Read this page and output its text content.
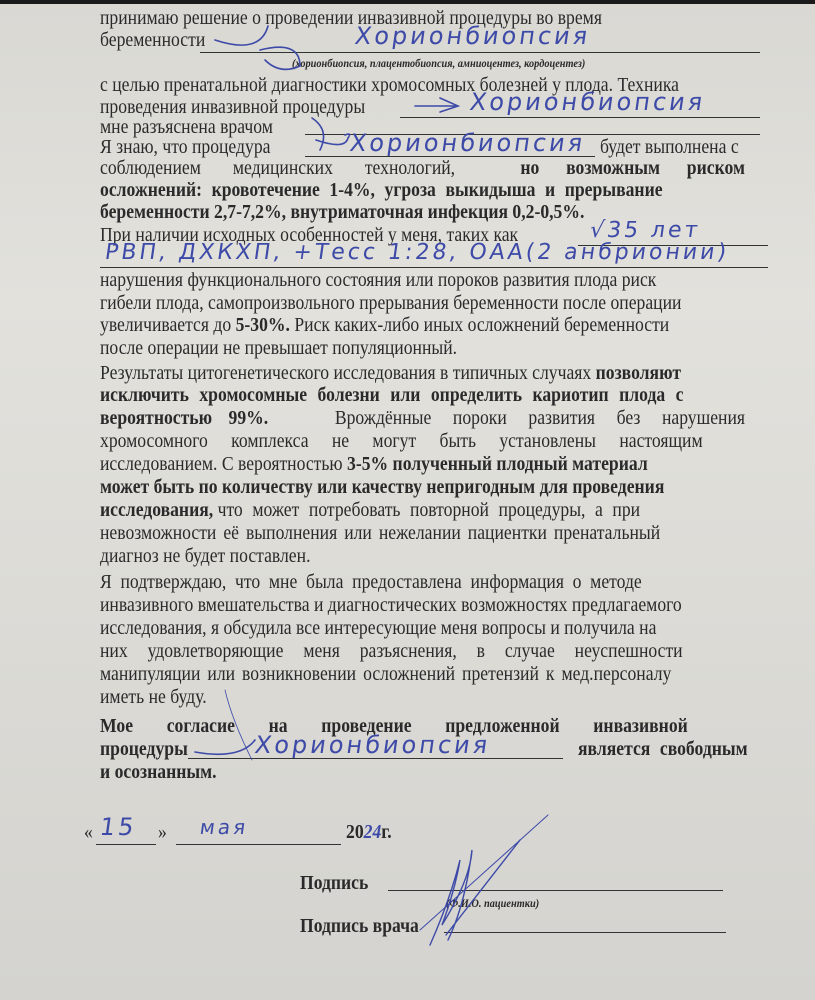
принимаю решение о проведении инвазивной процедуры во время
беременности	Хорионбиопсия
(хорионбиопсия, плацентобиопсия, амниоцентез, кордоцентез)
с целью пренатальной диагностики хромосомных болезней у плода. Техника
проведения инвазивной процедуры	Хорионбиопсия
мне разъяснена врачом
Я знаю, что процедура	Хорионбиопсия будет выполнена с
соблюдением медицинских технологий,	но возможным риском
осложнений: кровотечение 1-4%, угроза выкидыша и прерывание
беременности 2,7-7,2%, внутриматочная инфекция 0,2-0,5%.
При наличии исходных особенностей у меня, таких как	√35 лет
РВП, ДХКХП, +Тесс 1:28, ОАА(2 анбрионии)
нарушения функционального состояния или пороков развития плода риск
гибели плода, самопроизвольного прерывания беременности после операции
увеличивается до 5-30%. Риск каких-либо иных осложнений беременности
после операции не превышает популяционный.
Результаты цитогенетического исследования в типичных случаях позволяют
исключить хромосомные болезни или определить кариотип плода с
вероятностью 99%.	Врождённые пороки развития без нарушения
хромосомного комплекса не могут быть установлены настоящим
исследованием. С вероятностью 3-5% полученный плодный материал
может быть по количеству или качеству непригодным для проведения
исследования, что может потребовать повторной процедуры, а при
невозможности её выполнения или нежелании пациентки пренатальный
диагноз не будет поставлен.
Я подтверждаю, что мне была предоставлена информация о методе
инвазивного вмешательства и диагностических возможностях предлагаемого
исследования, я обсудила все интересующие меня вопросы и получила на
них удовлетворяющие меня разъяснения, в случае неуспешности
манипуляции или возникновении осложнений претензий к мед.персоналу
иметь не буду.
Мое согласие на проведение предложенной инвазивной
процедуры	Хорионбиопсия	является свободным
и осознанным.
« 15 » мая	2024г.
Подпись
(Ф.И.О. пациентки)
Подпись врача
